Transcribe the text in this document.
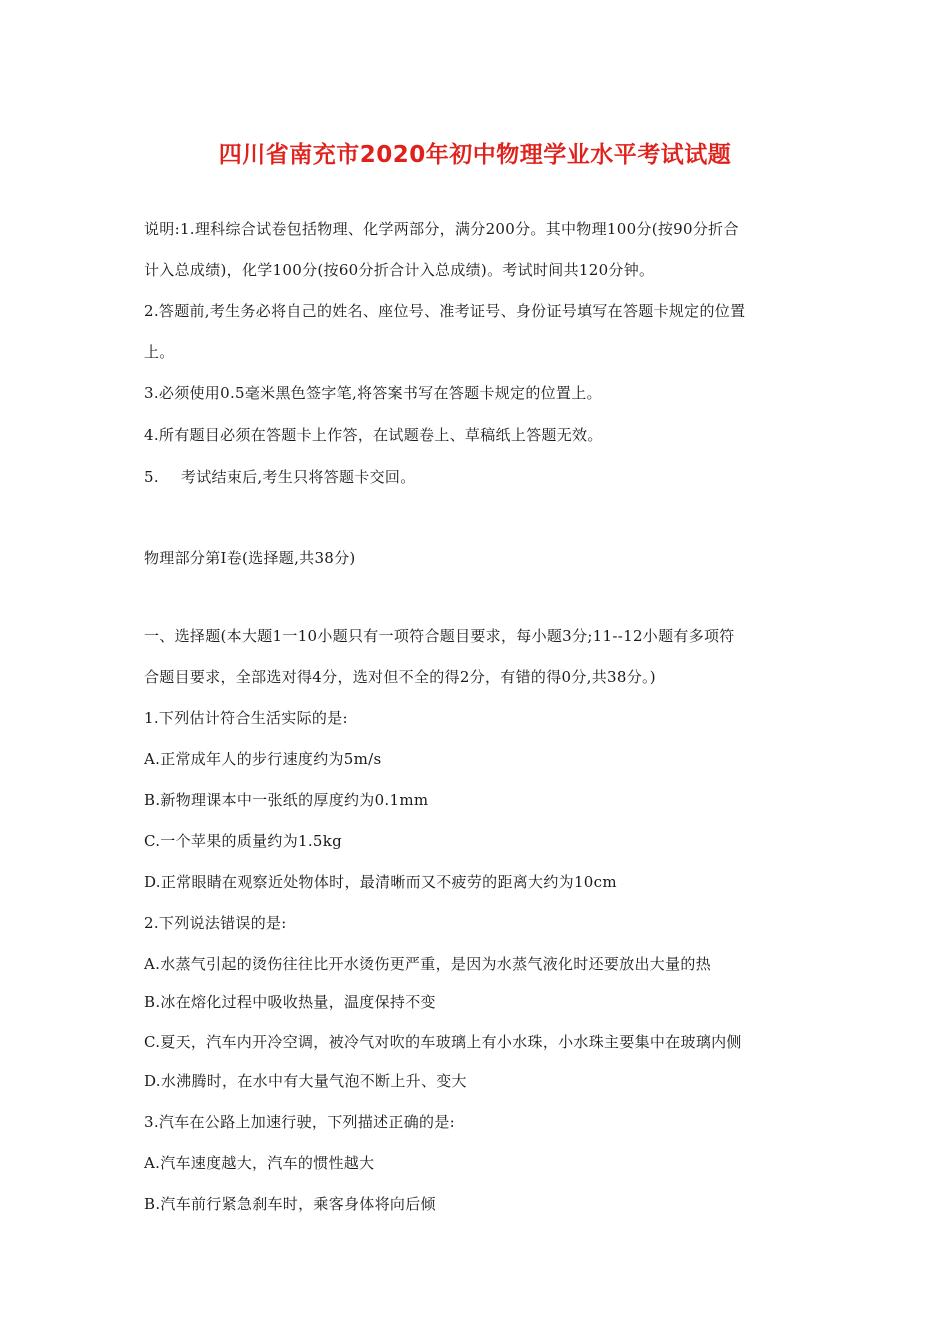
四川省南充市2020年初中物理学业水平考试试题
说明:1.理科综合试卷包括物理、化学两部分，满分200分。其中物理100分(按90分折合
计入总成绩)，化学100分(按60分折合计入总成绩)。考试时间共120分钟。
2.答题前,考生务必将自己的姓名、座位号、准考证号、身份证号填写在答题卡规定的位置
上。
3.必须使用0.5毫米黑色签字笔,将答案书写在答题卡规定的位置上。
4.所有题目必须在答题卡上作答，在试题卷上、草稿纸上答题无效。
5. 考试结束后,考生只将答题卡交回。
物理部分第Ⅰ卷(选择题,共38分)
一、选择题(本大题1一10小题只有一项符合题目要求，每小题3分;11--12小题有多项符
合题目要求，全部选对得4分，选对但不全的得2分，有错的得0分,共38分。)
1.下列估计符合生活实际的是:
A.正常成年人的步行速度约为5m/s
B.新物理课本中一张纸的厚度约为0.1mm
C.一个苹果的质量约为1.5kg
D.正常眼睛在观察近处物体时，最清晰而又不疲劳的距离大约为10cm
2.下列说法错误的是:
A.水蒸气引起的烫伤往往比开水烫伤更严重，是因为水蒸气液化时还要放出大量的热
B.冰在熔化过程中吸收热量，温度保持不变
C.夏天，汽车内开冷空调，被冷气对吹的车玻璃上有小水珠，小水珠主要集中在玻璃内侧
D.水沸腾时，在水中有大量气泡不断上升、变大
3.汽车在公路上加速行驶，下列描述正确的是:
A.汽车速度越大，汽车的惯性越大
B.汽车前行紧急刹车时，乘客身体将向后倾
